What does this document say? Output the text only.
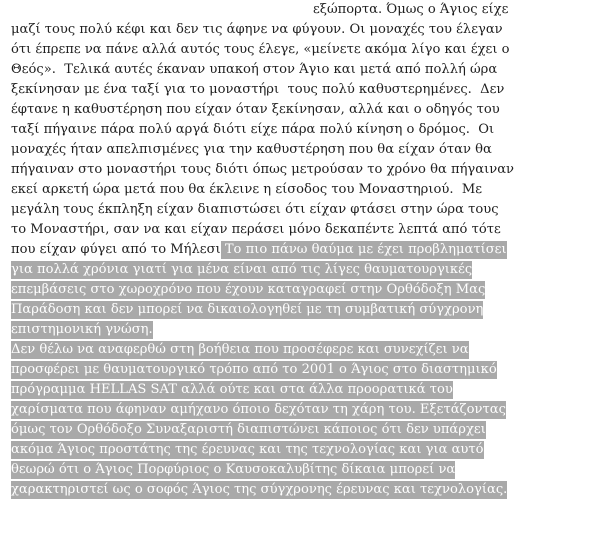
εξώπορτα. Όμως ο Άγιος είχε
μαζί τους πολύ κέφι και δεν τις άφηνε να φύγουν. Οι μοναχές του έλεγαν
ότι έπρεπε να πάνε αλλά αυτός τους έλεγε, «μείνετε ακόμα λίγο και έχει ο
Θεός».  Τελικά αυτές έκαναν υπακοή στον Άγιο και μετά από πολλή ώρα
ξεκίνησαν με ένα ταξί για το μοναστήρι  τους πολύ καθυστερημένες.  Δεν
έφτανε η καθυστέρηση που είχαν όταν ξεκίνησαν, αλλά και ο οδηγός του
ταξί πήγαινε πάρα πολύ αργά διότι είχε πάρα πολύ κίνηση ο δρόμος.  Οι
μοναχές ήταν απελπισμένες για την καθυστέρηση που θα είχαν όταν θα
πήγαιναν στο μοναστήρι τους διότι όπως μετρούσαν το χρόνο θα πήγαιναν
εκεί αρκετή ώρα μετά που θα έκλεινε η είσοδος του Μοναστηριού.  Με
μεγάλη τους έκπληξη είχαν διαπιστώσει ότι είχαν φτάσει στην ώρα τους
το Μοναστήρι, σαν να και είχαν περάσει μόνο δεκαπέντε λεπτά από τότε
που είχαν φύγει από το Μήλεσι Το πιο πάνω θαύμα με έχει προβληματίσει
για πολλά χρόνια γιατί για μένα είναι από τις λίγες θαυματουργικές
επεμβάσεις στο χωροχρόνο που έχουν καταγραφεί στην Ορθόδοξη Μας
Παράδοση και δεν μπορεί να δικαιολογηθεί με τη συμβατική σύγχρονη
επιστημονική γνώση.
Δεν θέλω να αναφερθώ στη βοήθεια που προσέφερε και συνεχίζει να
προσφέρει με θαυματουργικό τρόπο από το 2001 ο Άγιος στο διαστημικό
πρόγραμμα HELLAS SAT αλλά ούτε και στα άλλα προορατικά του
χαρίσματα που άφηναν αμήχανο όποιο δεχόταν τη χάρη του. Εξετάζοντας
όμως τον Ορθόδοξο Συναξαριστή διαπιστώνει κάποιος ότι δεν υπάρχει
ακόμα Άγιος προστάτης της έρευνας και της τεχνολογίας και για αυτό
θεωρώ ότι ο Άγιος Πορφύριος ο Καυσοκαλυβίτης δίκαια μπορεί να
χαρακτηριστεί ως ο σοφός Άγιος της σύγχρονης έρευνας και τεχνολογίας.
